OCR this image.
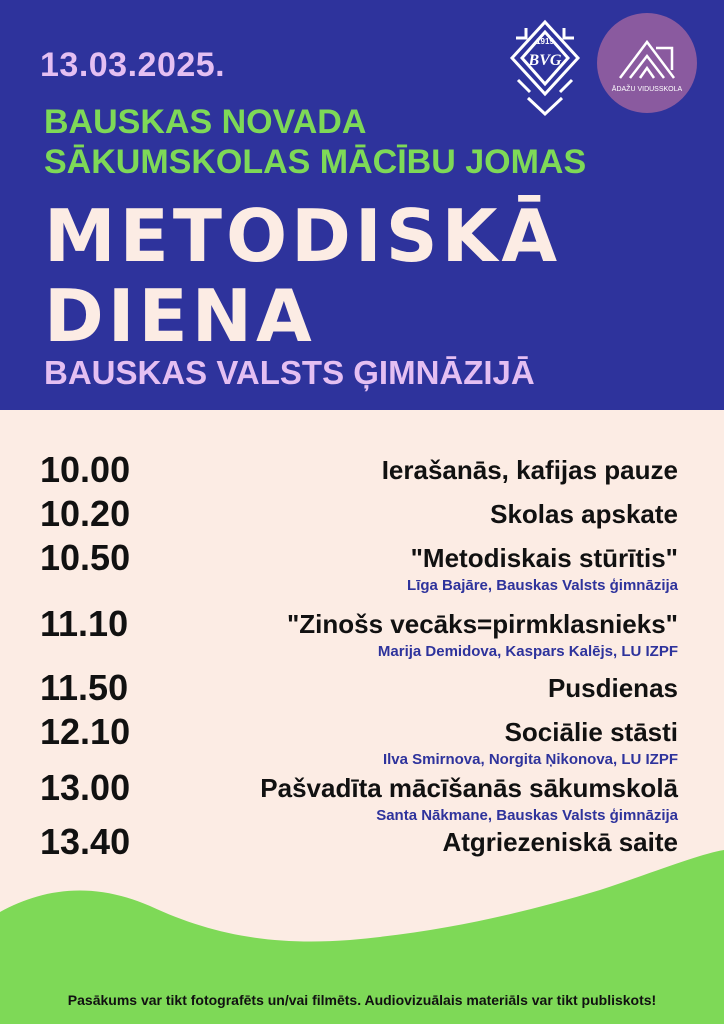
13.03.2025.
BAUSKAS NOVADA
SĀKUMSKOLAS MĀCĪBU JOMAS
METODISKĀ
DIENA
BAUSKAS VALSTS ĢIMNĀZIJĀ
1919
BVG
ĀDAŽU VIDUSSKOLA
10.00	Ierašanās, kafijas pauze
10.20	Skolas apskate
10.50	"Metodiskais stūrītis"
Līga Bajāre, Bauskas Valsts ģimnāzija
11.10	"Zinošs vecāks=pirmklasnieks"
Marija Demidova, Kaspars Kalējs, LU IZPF
11.50	Pusdienas
12.10	Sociālie stāsti
Ilva Smirnova, Norgita Ņikonova, LU IZPF
13.00	Pašvadīta mācīšanās sākumskolā
Santa Nākmane, Bauskas Valsts ģimnāzija
13.40	Atgriezeniskā saite
Pasākums var tikt fotografēts un/vai filmēts. Audiovizuālais materiāls var tikt publiskots!
